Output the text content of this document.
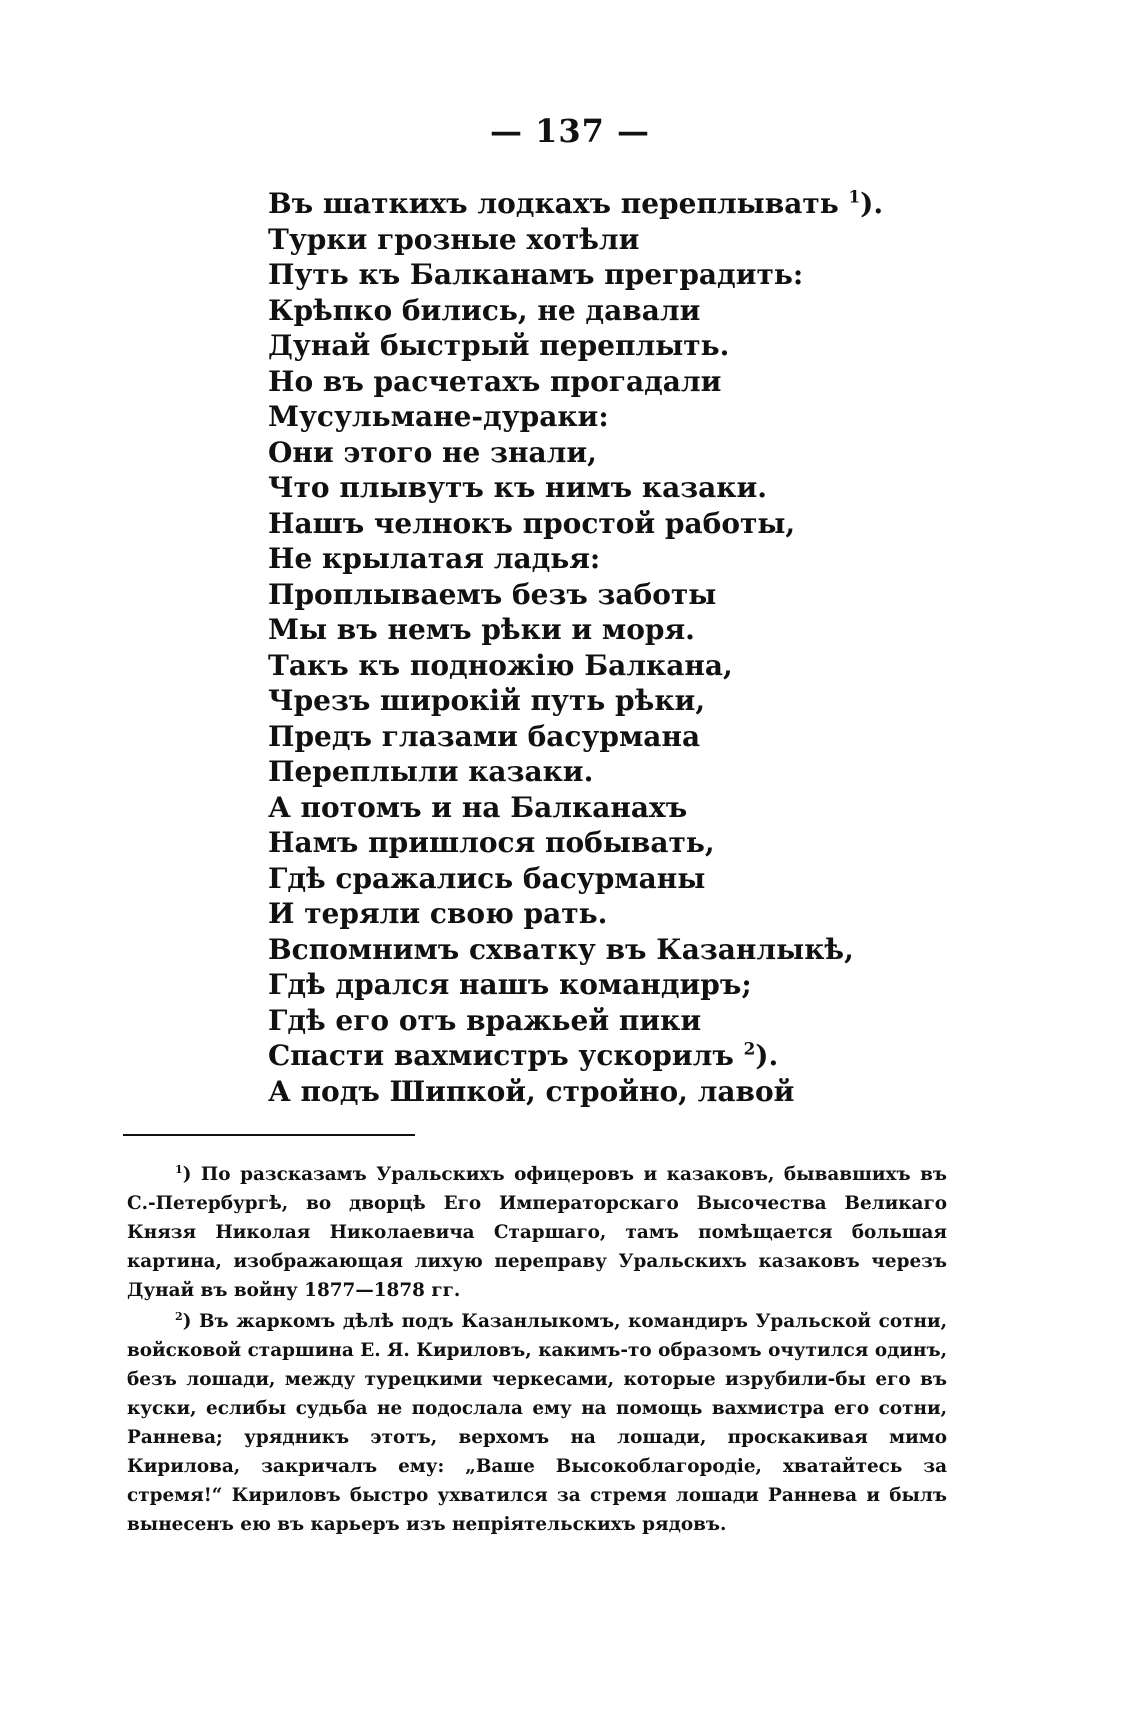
— 137 —
Въ шаткихъ лодкахъ переплывать $^1$).
Турки грозные хотѣли
Путь къ Балканамъ преградить:
Крѣпко бились, не давали
Дунай быстрый переплыть.
Но въ расчетахъ прогадали
Мусульмане-дураки:
Они этого не знали,
Что плывутъ къ нимъ казаки.
Нашъ челнокъ простой работы,
Не крылатая ладья:
Проплываемъ безъ заботы
Мы въ немъ рѣки и моря.
Такъ къ подножію Балкана,
Чрезъ широкій путь рѣки,
Предъ глазами басурмана
Переплыли казаки.
А потомъ и на Балканахъ
Намъ пришлося побывать,
Гдѣ сражались басурманы
И теряли свою рать.
Вспомнимъ схватку въ Казанлыкѣ,
Гдѣ дрался нашъ командиръ;
Гдѣ его отъ вражьей пики
Спасти вахмистръ ускорилъ $^2$).
А подъ Шипкой, стройно, лавой
$^1$) По разсказамъ Уральскихъ офицеровъ и казаковъ, бывавшихъ въ С.-Петербургѣ, во дворцѣ Его Императорскаго Высочества Великаго Князя Николая Николаевича Старшаго, тамъ помѣщается большая картина, изображающая лихую переправу Уральскихъ казаковъ черезъ Дунай въ войну 1877—1878 гг.
$^2$) Въ жаркомъ дѣлѣ подъ Казанлыкомъ, командиръ Уральской сотни, войсковой старшина Е. Я. Кириловъ, какимъ-то образомъ очутился одинъ, безъ лошади, между турецкими черкесами, которые изрубили-бы его въ куски, еслибы судьба не подослала ему на помощь вахмистра его сотни, Раннева; урядникъ этотъ, верхомъ на лошади, проскакивая мимо Кирилова, закричалъ ему: „Ваше Высокоблагородіе, хватайтесь за стремя!“ Кириловъ быстро ухватился за стремя лошади Раннева и былъ вынесенъ ею въ карьеръ изъ непріятельскихъ рядовъ.
